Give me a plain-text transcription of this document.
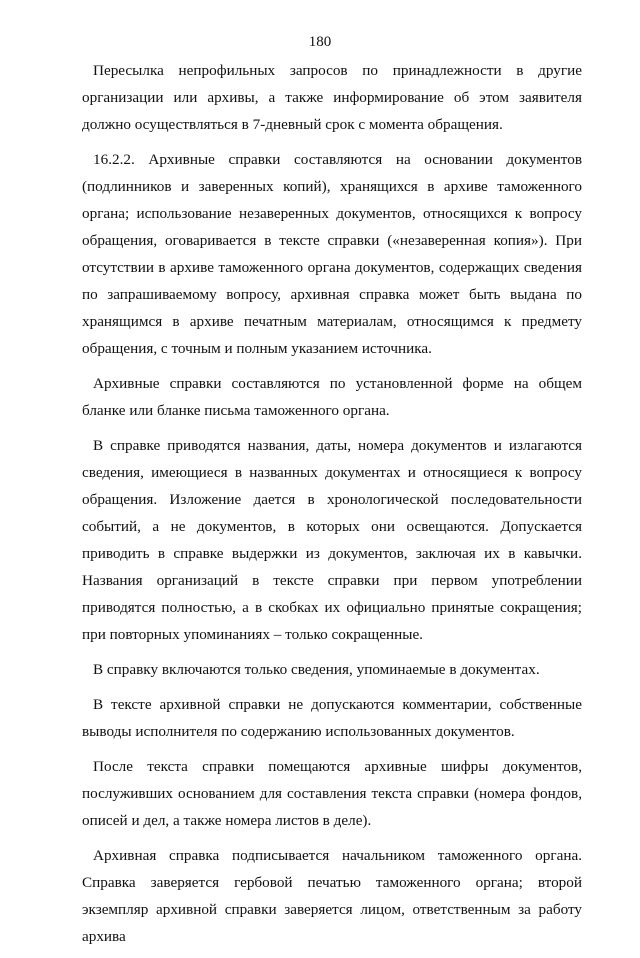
180

Пересылка непрофильных запросов по принадлежности в другие организации или архивы, а также информирование об этом заявителя должно осуществляться в 7-дневный срок с момента обращения.

16.2.2. Архивные справки составляются на основании документов (подлинников и заверенных копий), хранящихся в архиве таможенного органа; использование незаверенных документов, относящихся к вопросу обращения, оговаривается в тексте справки («незаверенная копия»). При отсутствии в архиве таможенного органа документов, содержащих сведения по запрашиваемому вопросу, архивная справка может быть выдана по хранящимся в архиве печатным материалам, относящимся к предмету обращения, с точным и полным указанием источника.

Архивные справки составляются по установленной форме на общем бланке или бланке письма таможенного органа.

В справке приводятся названия, даты, номера документов и излагаются сведения, имеющиеся в названных документах и относящиеся к вопросу обращения. Изложение дается в хронологической последовательности событий, а не документов, в которых они освещаются. Допускается приводить в справке выдержки из документов, заключая их в кавычки. Названия организаций в тексте справки при первом употреблении приводятся полностью, а в скобках их официально принятые сокращения; при повторных упоминаниях – только сокращенные.

В справку включаются только сведения, упоминаемые в документах.

В тексте архивной справки не допускаются комментарии, собственные выводы исполнителя по содержанию использованных документов.

После текста справки помещаются архивные шифры документов, послуживших основанием для составления текста справки (номера фондов, описей и дел, а также номера листов в деле).

Архивная справка подписывается начальником таможенного органа. Справка заверяется гербовой печатью таможенного органа; второй экземпляр архивной справки заверяется лицом, ответственным за работу архива
